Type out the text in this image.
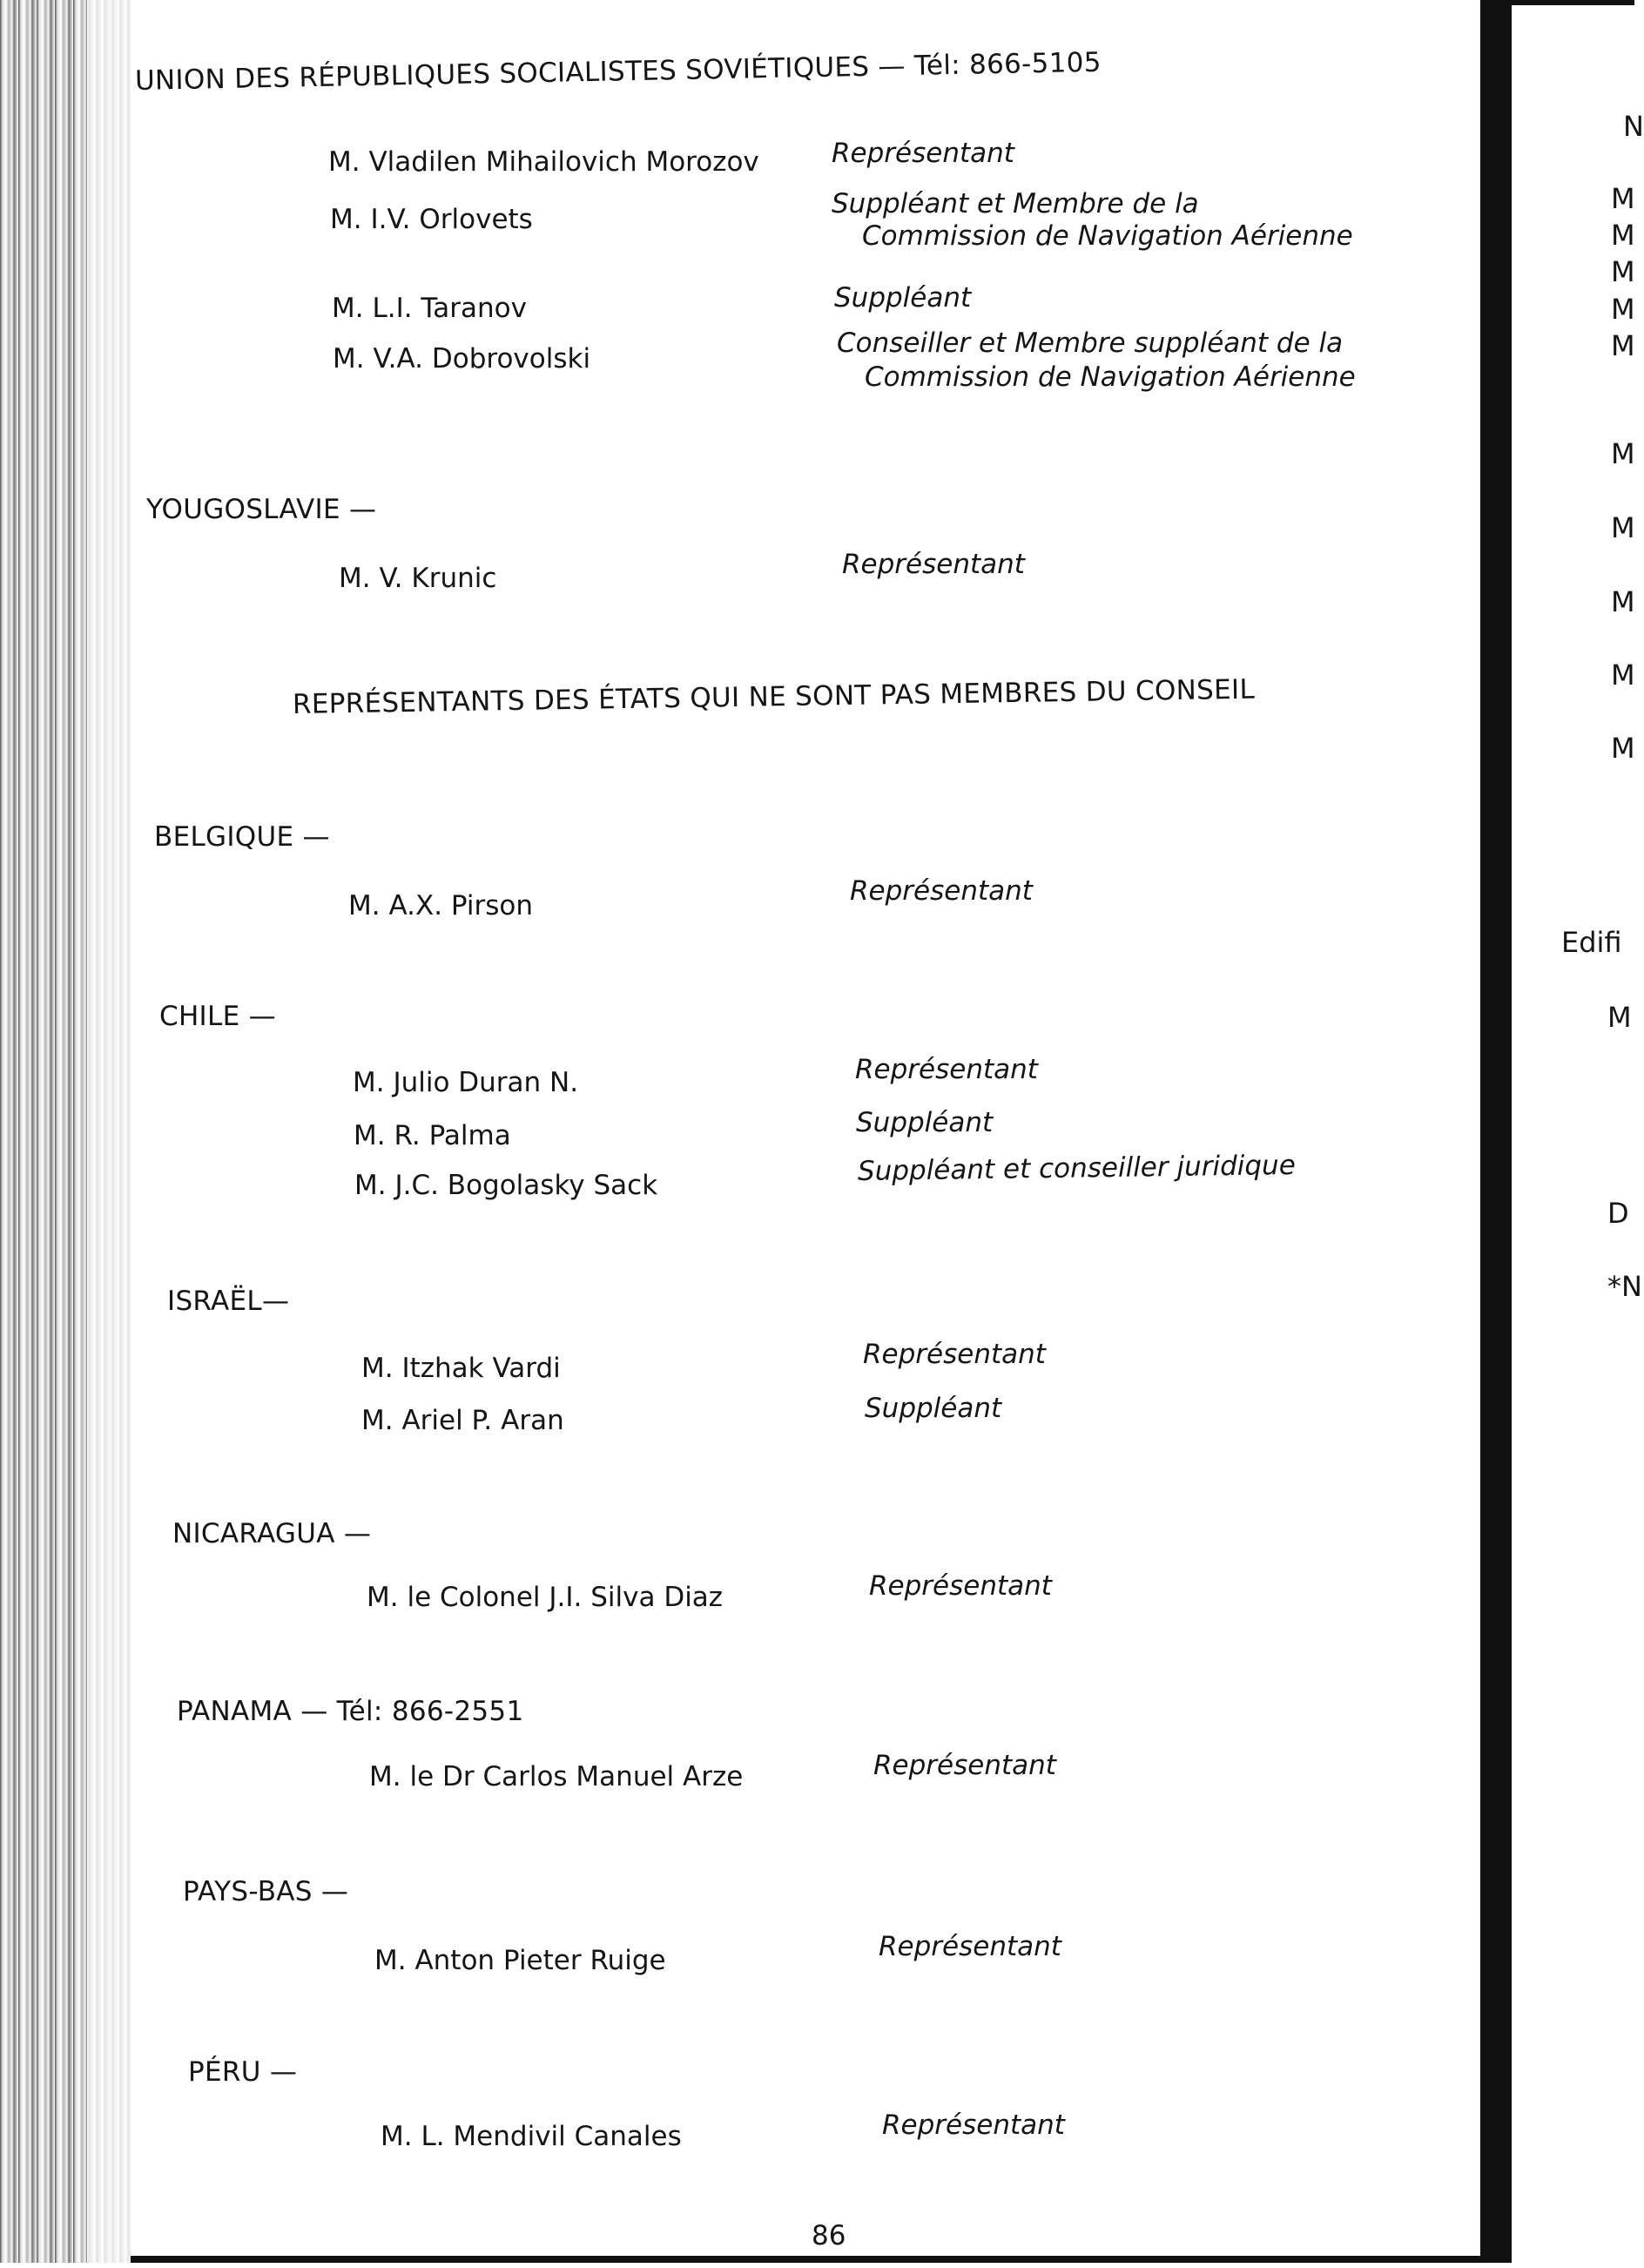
UNION DES RÉPUBLIQUES SOCIALISTES SOVIÉTIQUES — Tél: 866-5105
M. Vladilen Mihailovich Morozov	Représentant
M. I.V. Orlovets	Suppléant et Membre de la
Commission de Navigation Aérienne
M. L.I. Taranov	Suppléant
M. V.A. Dobrovolski	Conseiller et Membre suppléant de la
Commission de Navigation Aérienne
YOUGOSLAVIE —
M. V. Krunic	Représentant
REPRÉSENTANTS DES ÉTATS QUI NE SONT PAS MEMBRES DU CONSEIL
BELGIQUE —
M. A.X. Pirson	Représentant
CHILE —
M. Julio Duran N.	Représentant
M. R. Palma	Suppléant
M. J.C. Bogolasky Sack	Suppléant et conseiller juridique
ISRAËL—
M. Itzhak Vardi	Représentant
M. Ariel P. Aran	Suppléant
NICARAGUA —
M. le Colonel J.I. Silva Diaz	Représentant
PANAMA — Tél: 866-2551
M. le Dr Carlos Manuel Arze	Représentant
PAYS-BAS —
M. Anton Pieter Ruige	Représentant
PÉRU —
M. L. Mendivil Canales	Représentant
86
N
M
M
M
M
M
M
M
M
M
M
Edifi
M
D
*N
